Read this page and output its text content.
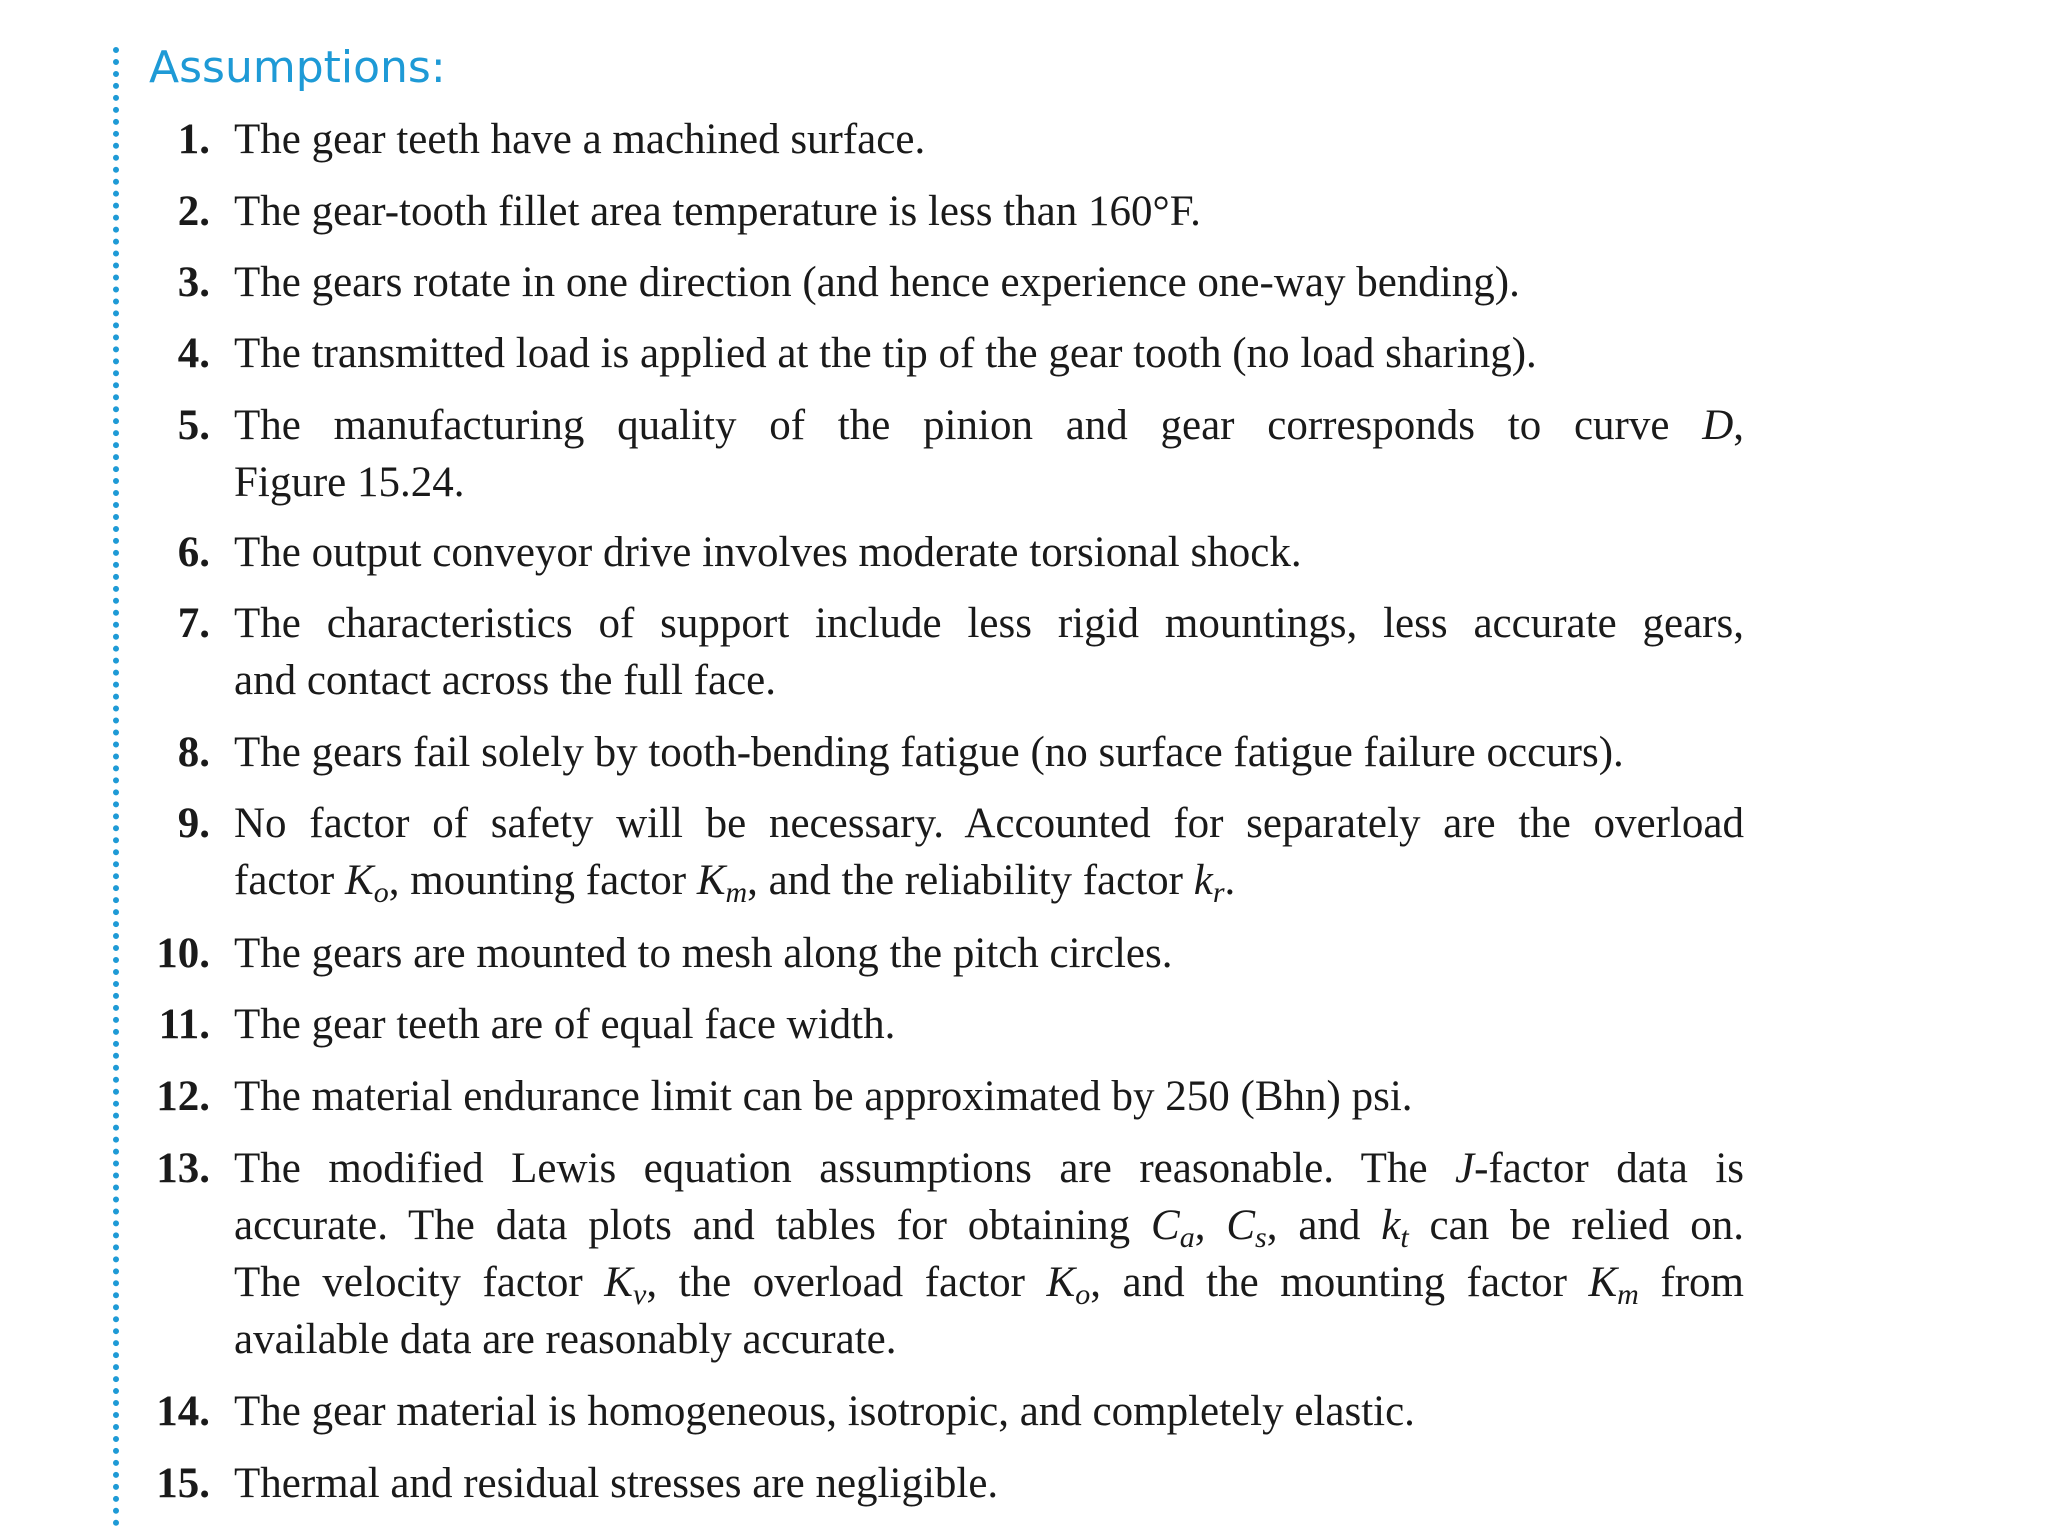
Assumptions:
1. The gear teeth have a machined surface.
2. The gear-tooth fillet area temperature is less than 160°F.
3. The gears rotate in one direction (and hence experience one-way bending).
4. The transmitted load is applied at the tip of the gear tooth (no load sharing).
5. The manufacturing quality of the pinion and gear corresponds to curve D,
Figure 15.24.
6. The output conveyor drive involves moderate torsional shock.
7. The characteristics of support include less rigid mountings, less accurate gears,
and contact across the full face.
8. The gears fail solely by tooth-bending fatigue (no surface fatigue failure occurs).
9. No factor of safety will be necessary. Accounted for separately are the overload
factor $K_o$, mounting factor $K_m$, and the reliability factor $k_r$.
10. The gears are mounted to mesh along the pitch circles.
11. The gear teeth are of equal face width.
12. The material endurance limit can be approximated by 250 (Bhn) psi.
13. The modified Lewis equation assumptions are reasonable. The J-factor data is
accurate. The data plots and tables for obtaining $C_a$, $C_s$, and $k_t$ can be relied on.
The velocity factor $K_v$, the overload factor $K_o$, and the mounting factor $K_m$ from
available data are reasonably accurate.
14. The gear material is homogeneous, isotropic, and completely elastic.
15. Thermal and residual stresses are negligible.
